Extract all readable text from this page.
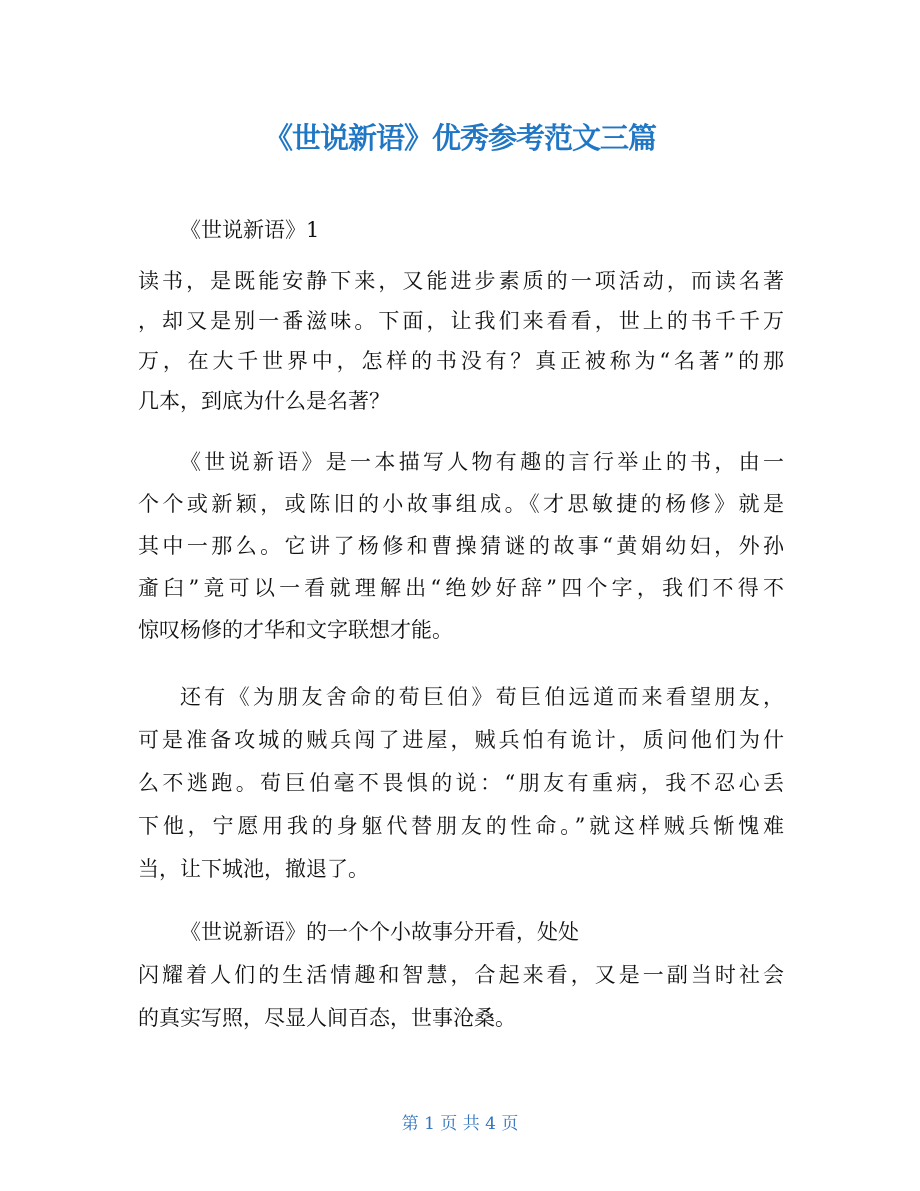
《世说新语》优秀参考范文三篇
《世说新语》1
读书，是既能安静下来，又能进步素质的一项活动，而读名著
，却又是别一番滋味。下面，让我们来看看，世上的书千千万
万，在大千世界中，怎样的书没有？真正被称为“名著”的那
几本，到底为什么是名著？
《世说新语》是一本描写人物有趣的言行举止的书，由一
个个或新颖，或陈旧的小故事组成。《才思敏捷的杨修》就是
其中一那么。它讲了杨修和曹操猜谜的故事“黄娟幼妇，外孙
齑臼”竟可以一看就理解出“绝妙好辞”四个字，我们不得不
惊叹杨修的才华和文字联想才能。
还有《为朋友舍命的荀巨伯》荀巨伯远道而来看望朋友，
可是准备攻城的贼兵闯了进屋，贼兵怕有诡计，质问他们为什
么不逃跑。荀巨伯毫不畏惧的说：“朋友有重病，我不忍心丢
下他，宁愿用我的身躯代替朋友的性命。”就这样贼兵惭愧难
当，让下城池，撤退了。
《世说新语》的一个个小故事分开看，处处
闪耀着人们的生活情趣和智慧，合起来看，又是一副当时社会
的真实写照，尽显人间百态，世事沧桑。
第 1 页 共 4 页
